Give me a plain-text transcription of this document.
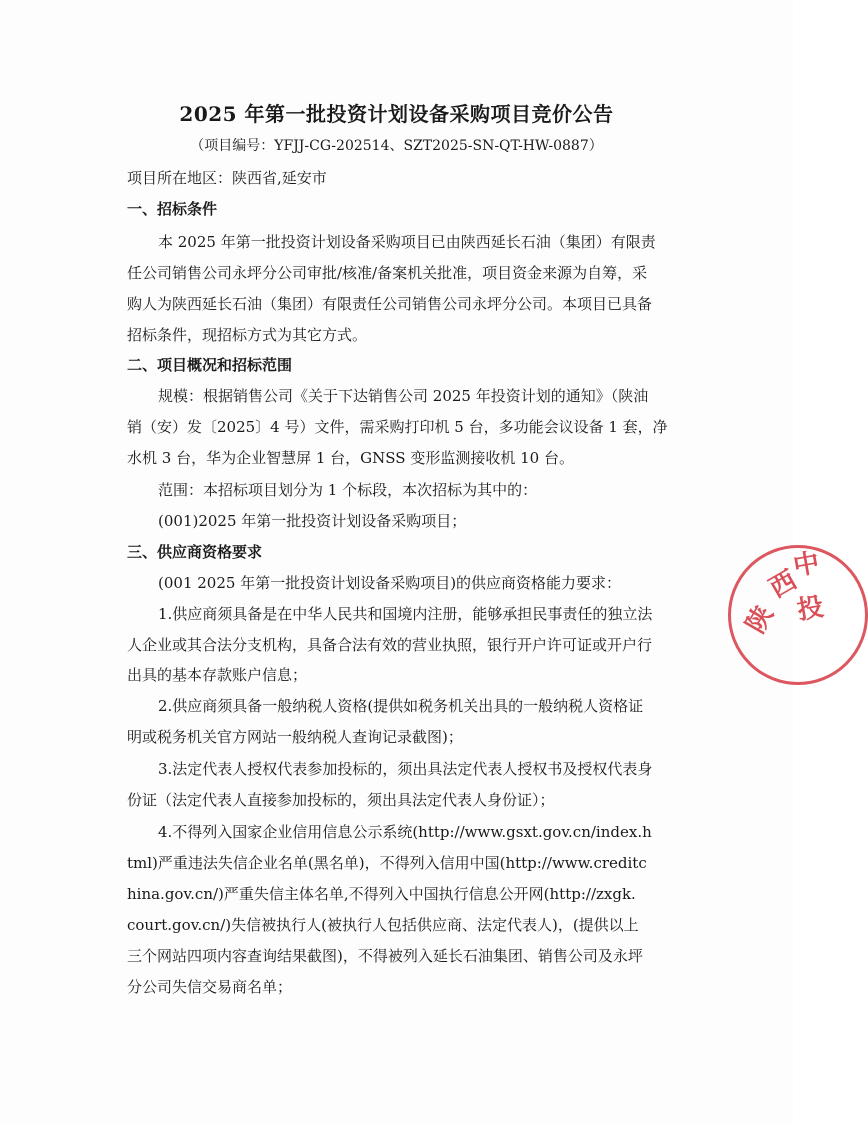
2025 年第一批投资计划设备采购项目竞价公告
（项目编号：YFJJ-CG-202514、SZT2025-SN-QT-HW-0887）
项目所在地区：陕西省,延安市
一、招标条件
本 2025 年第一批投资计划设备采购项目已由陕西延长石油（集团）有限责
任公司销售公司永坪分公司审批/核准/备案机关批准，项目资金来源为自筹，采
购人为陕西延长石油（集团）有限责任公司销售公司永坪分公司。本项目已具备
招标条件，现招标方式为其它方式。
二、项目概况和招标范围
规模：根据销售公司《关于下达销售公司 2025 年投资计划的通知》（陕油
销（安）发〔2025〕4 号）文件，需采购打印机 5 台，多功能会议设备 1 套，净
水机 3 台，华为企业智慧屏 1 台，GNSS 变形监测接收机 10 台。
范围：本招标项目划分为 1 个标段，本次招标为其中的：
(001)2025 年第一批投资计划设备采购项目；
三、供应商资格要求
(001 2025 年第一批投资计划设备采购项目)的供应商资格能力要求：
1.供应商须具备是在中华人民共和国境内注册，能够承担民事责任的独立法
人企业或其合法分支机构，具备合法有效的营业执照，银行开户许可证或开户行
出具的基本存款账户信息；
2.供应商须具备一般纳税人资格(提供如税务机关出具的一般纳税人资格证
明或税务机关官方网站一般纳税人查询记录截图)；
3.法定代表人授权代表参加投标的，须出具法定代表人授权书及授权代表身
份证（法定代表人直接参加投标的，须出具法定代表人身份证）；
4.不得列入国家企业信用信息公示系统(http://www.gsxt.gov.cn/index.h
tml)严重违法失信企业名单(黑名单)，不得列入信用中国(http://www.creditc
hina.gov.cn/)严重失信主体名单,不得列入中国执行信息公开网(http://zxgk.
court.gov.cn/)失信被执行人(被执行人包括供应商、法定代表人)，(提供以上
三个网站四项内容查询结果截图)，不得被列入延长石油集团、销售公司及永坪
分公司失信交易商名单；
西
陕
中
投
